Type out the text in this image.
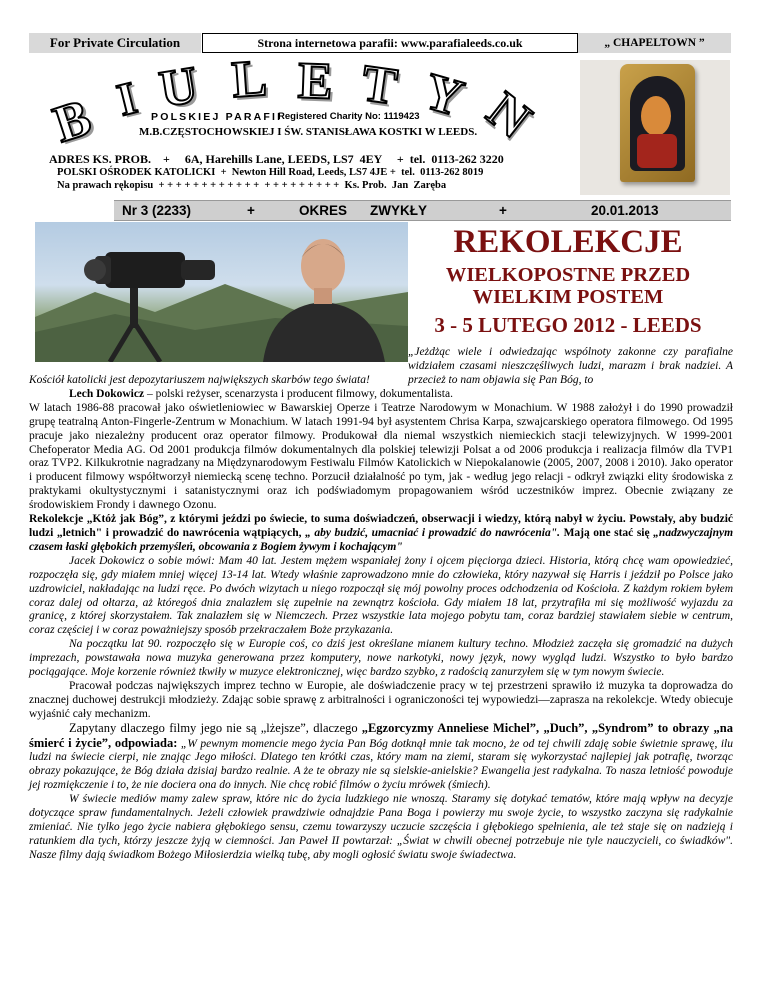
For Private Circulation	Strona internetowa parafii: www.parafialeeds.co.uk	„ CHAPELTOWN ”
B I U L E T Y N
POLSKIEJ PARAFII
Registered Charity No: 1119423
M.B.CZĘSTOCHOWSKIEJ I ŚW. STANISŁAWA KOSTKI W LEEDS.
ADRES KS. PROB.    +     6A, Harehills Lane, LEEDS, LS7  4EY     +  tel.  0113-262 3220
POLSKI OŚRODEK KATOLICKI  +  Newton Hill Road, Leeds, LS7 4JE +  tel.  0113-262 8019
Na prawach rękopisu  + + + + + + + + + + + +  + + + + + + + + +  Ks. Prob.  Jan  Zaręba
Nr 3 (2233)	+	OKRES ZWYKŁY	+	20.01.2013
REKOLEKCJE
WIELKOPOSTNE PRZED WIELKIM POSTEM
3 - 5 LUTEGO 2012 - LEEDS
„Jeżdżąc wiele i odwiedzając wspólnoty zakonne czy parafialne widziałem czasami nieszczęśliwych ludzi, marazm i brak nadziei. A przecież to nam objawia się Pan Bóg, to

Kościół katolicki jest depozytariuszem największych skarbów tego świata!

Lech Dokowicz – polski reżyser, scenarzysta i producent filmowy, dokumentalista.

W latach 1986-88 pracował jako oświetleniowiec w Bawarskiej Operze i Teatrze Narodowym w Monachium. W 1988 założył i do 1990 prowadził grupę teatralną Anton-Fingerle-Zentrum w Monachium. W latach 1991-94 był asystentem Chrisa Karpa, szwajcarskiego operatora filmowego. Od 1995 pracuje jako niezależny producent oraz operator filmowy. Produkował dla niemal wszystkich niemieckich stacji telewizyjnych. W 1999-2001 Chefoperator Media AG. Od 2001 produkcja filmów dokumentalnych dla polskiej telewizji Polsat a od 2006 produkcja i realizacja filmów dla TVP1 oraz TVP2. Kilkukrotnie nagradzany na Międzynarodowym Festiwalu Filmów Katolickich w Niepokalanowie (2005, 2007, 2008 i 2010). Jako operator i producent filmowy współtworzył niemiecką scenę techno. Porzucił działalność po tym, jak - według jego relacji - odkrył związki elity środowiska z praktykami okultystycznymi i satanistycznymi oraz ich podświadomym propagowaniem wśród uczestników imprez. Obecnie związany ze środowiskiem Frondy i dawnego Ozonu.

Rekolekcje „Któż jak Bóg”, z którymi jeździ po świecie, to suma doświadczeń, obserwacji i wiedzy, którą nabył w życiu. Powstały, aby budzić ludzi „letnich" i prowadzić do nawrócenia wątpiących, „ aby budzić, umacniać i prowadzić do nawrócenia". Mają one stać się „nadzwyczajnym czasem łaski głębokich przemyśleń, obcowania z Bogiem żywym i kochającym"

Jacek Dokowicz o sobie mówi: Mam 40 lat. Jestem mężem wspaniałej żony i ojcem pięciorga dzieci. Historia, którą chcę wam opowiedzieć, rozpoczęła się, gdy miałem mniej więcej 13-14 lat. Wtedy właśnie zaprowadzono mnie do człowieka, który nazywał się Harris i jeździł po Polsce jako uzdrowiciel, nakładając na ludzi ręce. Po dwóch wizytach u niego rozpoczął się mój powolny proces odchodzenia od Kościoła. Z każdym rokiem byłem coraz dalej od ołtarza, aż któregoś dnia znalazłem się zupełnie na zewnątrz kościoła. Gdy miałem 18 lat, przytrafiła mi się możliwość wyjazdu za granicę, z której skorzystałem. Tak znalazłem się w Niemczech. Przez wszystkie lata mojego pobytu tam, coraz bardziej stawiałem siebie w centrum, coraz częściej i w coraz poważniejszy sposób przekraczałem Boże przykazania.

Na początku lat 90. rozpoczęło się w Europie coś, co dziś jest określane mianem kultury techno. Młodzież zaczęła się gromadzić na dużych imprezach, powstawała nowa muzyka generowana przez komputery, nowe narkotyki, nowy język, nowy wygląd ludzi. Wszystko to było bardzo pociągające. Moje korzenie również tkwiły w muzyce elektronicznej, więc bardzo szybko, z radością zanurzyłem się w tym nowym świecie.

Pracował podczas największych imprez techno w Europie, ale doświadczenie pracy w tej przestrzeni sprawiło iż muzyka ta doprowadza do znacznej duchowej destrukcji młodzieży. Zdając sobie sprawę z arbitralności i ograniczoności tej wypowiedzi—zaprasza na rekolekcje. Wtedy obiecuje wyjaśnić cały mechanizm.

Zapytany dlaczego filmy jego nie są „lżejsze”, dlaczego „Egzorcyzmy Anneliese Michel”, „Duch”, „Syndrom” to obrazy „na śmierć i życie”, odpowiada: „W pewnym momencie mego życia Pan Bóg dotknął mnie tak mocno, że od tej chwili zdaję sobie świetnie sprawę, ilu ludzi na świecie cierpi, nie znając Jego miłości. Dlatego ten krótki czas, który mam na ziemi, staram się wykorzystać najlepiej jak potrafię, tworząc obrazy pokazujące, że Bóg działa dzisiaj bardzo realnie. A że te obrazy nie są sielskie-anielskie? Ewangelia jest radykalna. To nasza letniość powoduje jej rozmiękczenie i to, że nie dociera ona do innych. Nie chcę robić filmów o życiu mrówek (śmiech).

W świecie mediów mamy zalew spraw, które nic do życia ludzkiego nie wnoszą. Staramy się dotykać tematów, które mają wpływ na decyzje dotyczące spraw fundamentalnych. Jeżeli człowiek prawdziwie odnajdzie Pana Boga i powierzy mu swoje życie, to wszystko zaczyna się radykalnie zmieniać. Nie tylko jego życie nabiera głębokiego sensu, czemu towarzyszy uczucie szczęścia i głębokiego spełnienia, ale też staje się on nadzieją i ratunkiem dla tych, którzy jeszcze żyją w ciemności. Jan Paweł II powtarzał: „Świat w chwili obecnej potrzebuje nie tyle nauczycieli, co świadków". Nasze filmy dają świadkom Bożego Miłosierdzia wielką tubę, aby mogli ogłosić światu swoje świadectwa.
